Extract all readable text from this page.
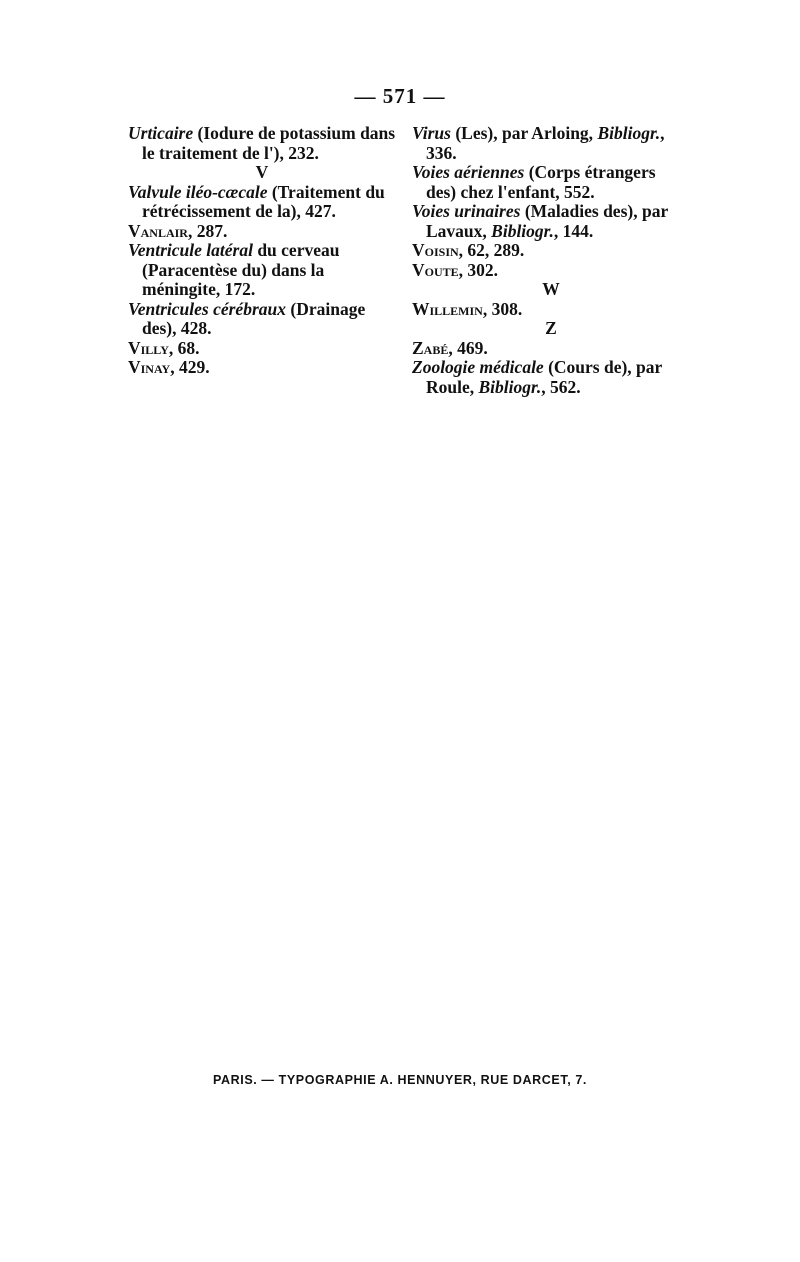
— 571 —

Urticaire (Iodure de potassium dans le traitement de l'), 232.

V

Valvule iléo-cæcale (Traitement du rétrécissement de la), 427.

Vanlair, 287.

Ventricule latéral du cerveau (Paracentèse du) dans la méningite, 172.

Ventricules cérébraux (Drainage des), 428.

Villy, 68.

Vinay, 429.

Virus (Les), par Arloing, Bibliogr., 336.

Voies aériennes (Corps étrangers des) chez l'enfant, 552.

Voies urinaires (Maladies des), par Lavaux, Bibliogr., 144.

Voisin, 62, 289.

Voute, 302.

W

Willemin, 308.

Z

Zabé, 469.

Zoologie médicale (Cours de), par Roule, Bibliogr., 562.

PARIS. — TYPOGRAPHIE A. HENNUYER, RUE DARCET, 7.
